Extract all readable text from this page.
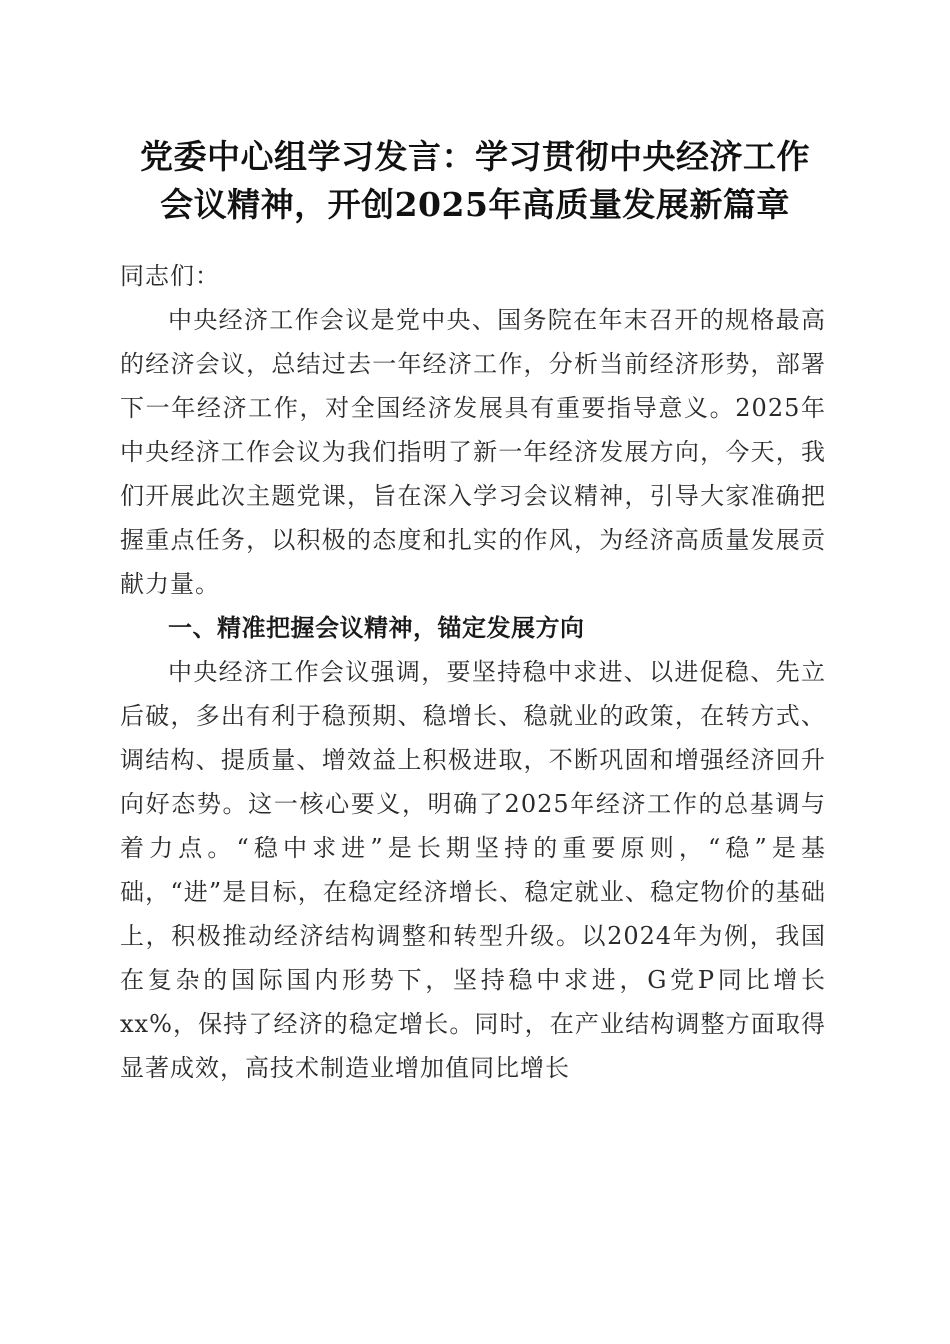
党委中心组学习发言：学习贯彻中央经济工作
会议精神，开创2025年高质量发展新篇章

同志们：

中央经济工作会议是党中央、国务院在年末召开的规格最高的经济会议，总结过去一年经济工作，分析当前经济形势，部署下一年经济工作，对全国经济发展具有重要指导意义。2025年中央经济工作会议为我们指明了新一年经济发展方向，今天，我们开展此次主题党课，旨在深入学习会议精神，引导大家准确把握重点任务，以积极的态度和扎实的作风，为经济高质量发展贡献力量。

一、精准把握会议精神，锚定发展方向

中央经济工作会议强调，要坚持稳中求进、以进促稳、先立后破，多出有利于稳预期、稳增长、稳就业的政策，在转方式、调结构、提质量、增效益上积极进取，不断巩固和增强经济回升向好态势。这一核心要义，明确了2025年经济工作的总基调与着力点。“稳中求进”是长期坚持的重要原则，“稳”是基础，“进”是目标，在稳定经济增长、稳定就业、稳定物价的基础上，积极推动经济结构调整和转型升级。以2024年为例，我国在复杂的国际国内形势下，坚持稳中求进，G党P同比增长xx%，保持了经济的稳定增长。同时，在产业结构调整方面取得显著成效，高技术制造业增加值同比增长
